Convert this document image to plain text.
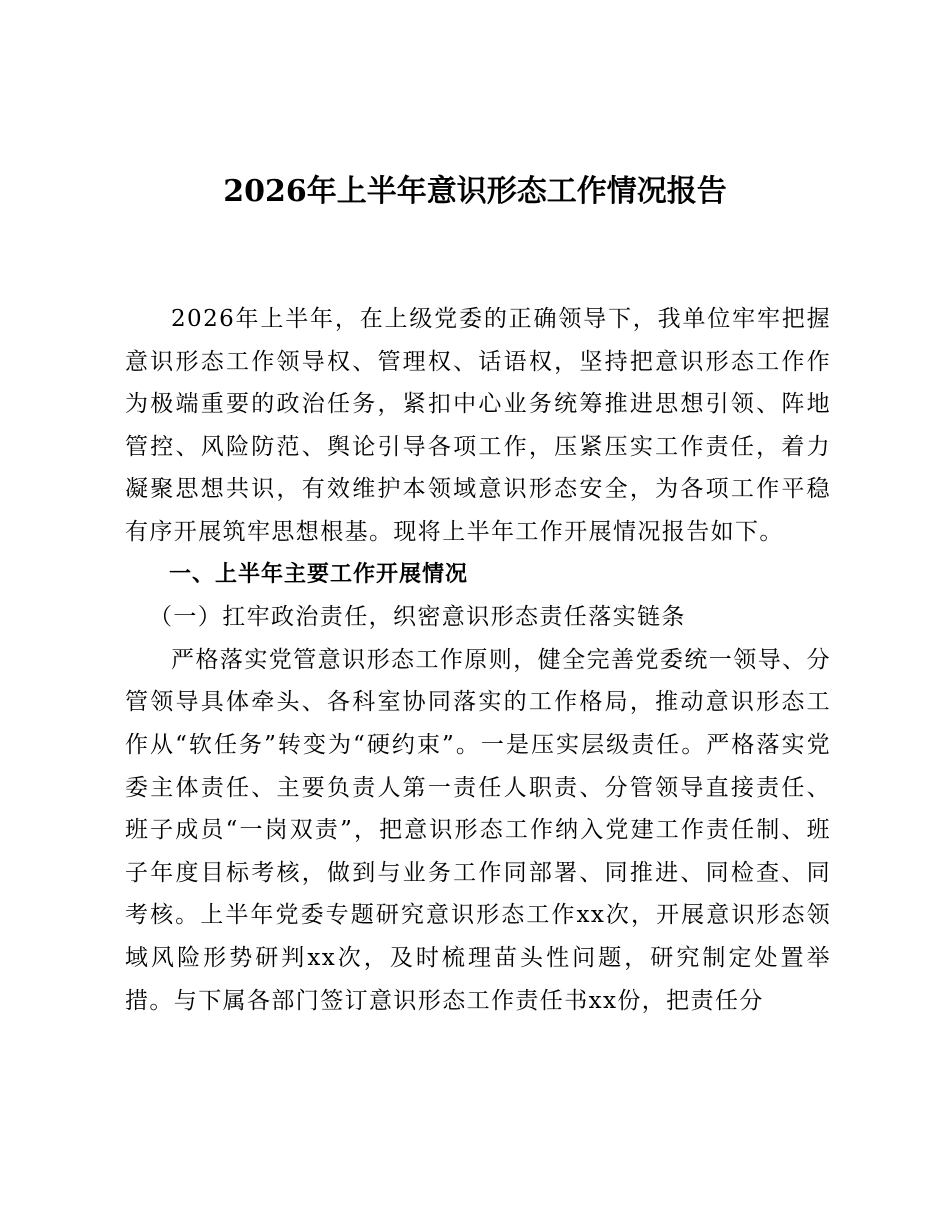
2026年上半年意识形态工作情况报告

2026年上半年，在上级党委的正确领导下，我单位牢牢把握意识形态工作领导权、管理权、话语权，坚持把意识形态工作作为极端重要的政治任务，紧扣中心业务统筹推进思想引领、阵地管控、风险防范、舆论引导各项工作，压紧压实工作责任，着力凝聚思想共识，有效维护本领域意识形态安全，为各项工作平稳有序开展筑牢思想根基。现将上半年工作开展情况报告如下。

一、上半年主要工作开展情况
（一）扛牢政治责任，织密意识形态责任落实链条

严格落实党管意识形态工作原则，健全完善党委统一领导、分管领导具体牵头、各科室协同落实的工作格局，推动意识形态工作从“软任务”转变为“硬约束”。一是压实层级责任。严格落实党委主体责任、主要负责人第一责任人职责、分管领导直接责任、班子成员“一岗双责”，把意识形态工作纳入党建工作责任制、班子年度目标考核，做到与业务工作同部署、同推进、同检查、同考核。上半年党委专题研究意识形态工作xx次，开展意识形态领域风险形势研判xx次，及时梳理苗头性问题，研究制定处置举措。与下属各部门签订意识形态工作责任书xx份，把责任分
